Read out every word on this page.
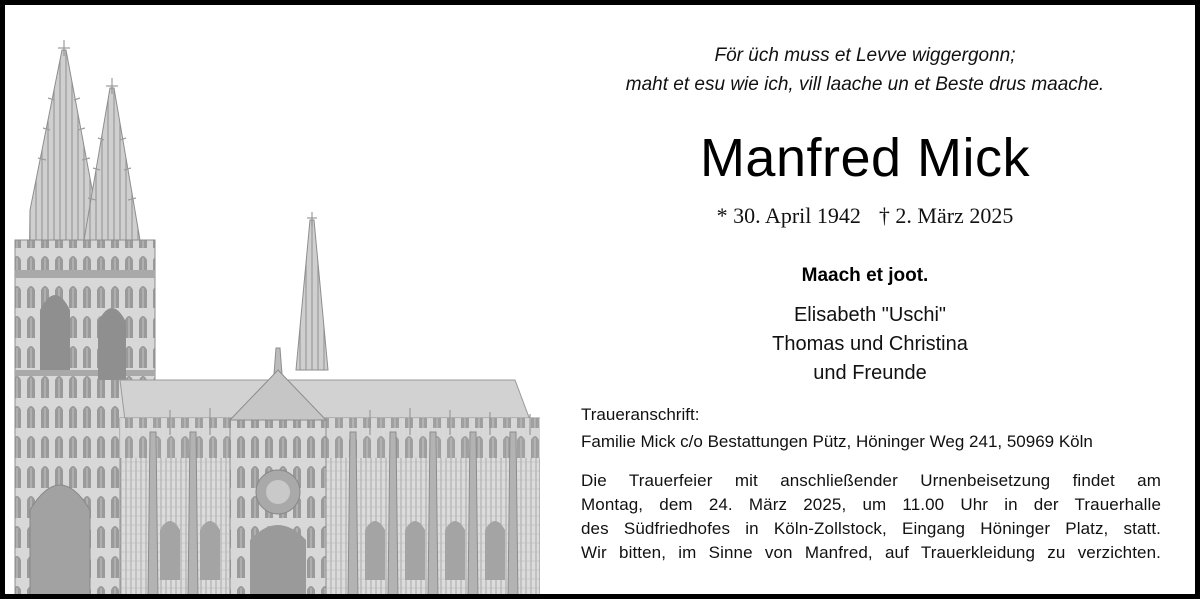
För üch muss et Levve wiggergonn;
maht et esu wie ich, vill laache un et Beste drus maache.
Manfred Mick
* 30. April 1942 † 2. März 2025
Maach et joot.
Elisabeth "Uschi"
Thomas und Christina
und Freunde
Traueranschrift:
Familie Mick c/o Bestattungen Pütz, Höninger Weg 241, 50969 Köln
Die Trauerfeier mit anschließender Urnenbeisetzung findet am
Montag, dem 24. März 2025, um 11.00 Uhr in der Trauerhalle
des Südfriedhofes in Köln-Zollstock, Eingang Höninger Platz, statt.
Wir bitten, im Sinne von Manfred, auf Trauerkleidung zu verzichten.
